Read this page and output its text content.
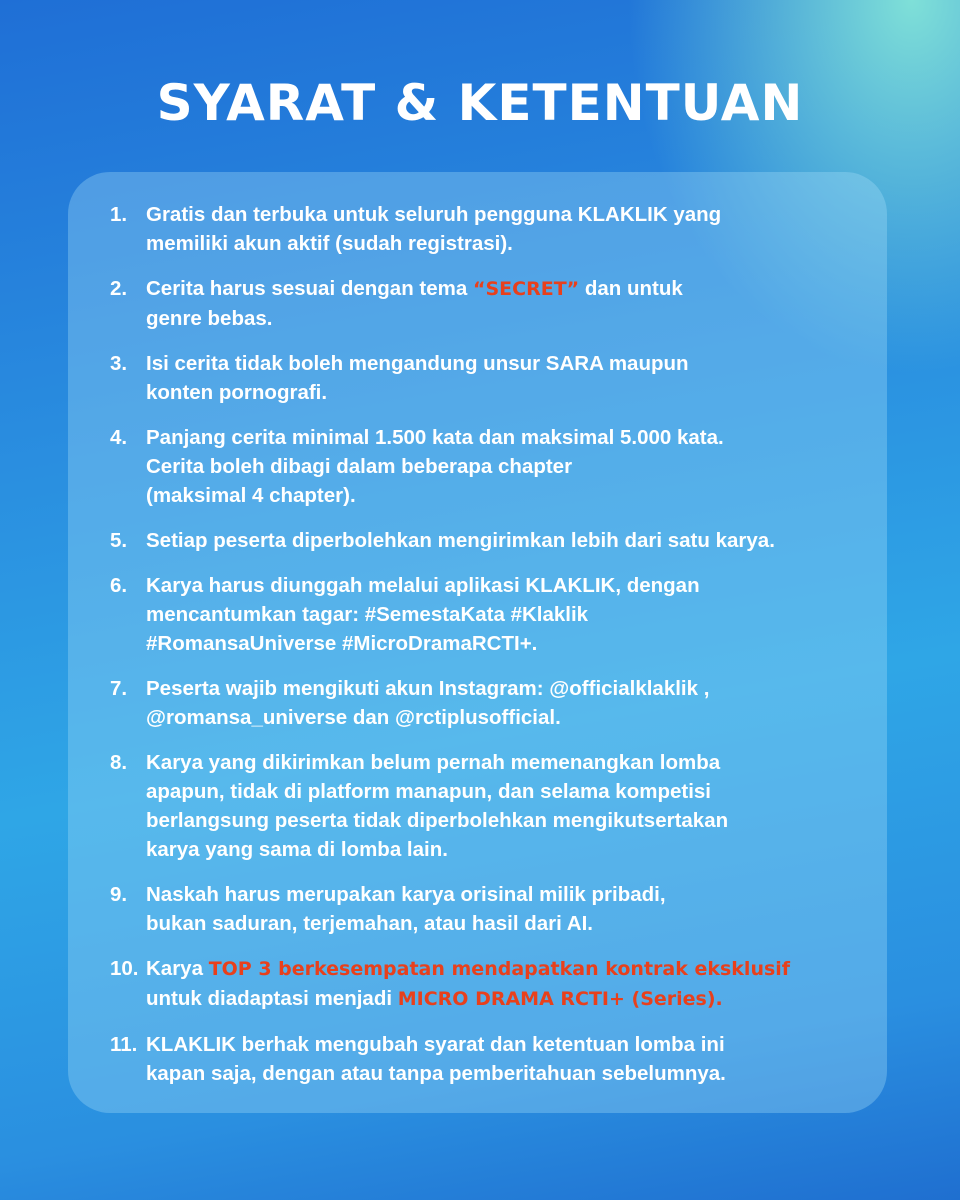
SYARAT & KETENTUAN
1. Gratis dan terbuka untuk seluruh pengguna KLAKLIK yang
memiliki akun aktif (sudah registrasi).
2. Cerita harus sesuai dengan tema “SECRET” dan untuk
genre bebas.
3. Isi cerita tidak boleh mengandung unsur SARA maupun
konten pornografi.
4. Panjang cerita minimal 1.500 kata dan maksimal 5.000 kata.
Cerita boleh dibagi dalam beberapa chapter
(maksimal 4 chapter).
5. Setiap peserta diperbolehkan mengirimkan lebih dari satu karya.
6. Karya harus diunggah melalui aplikasi KLAKLIK, dengan
mencantumkan tagar: #SemestaKata #Klaklik
#RomansaUniverse #MicroDramaRCTI+.
7. Peserta wajib mengikuti akun Instagram: @officialklaklik ,
@romansa_universe dan @rctiplusofficial.
8. Karya yang dikirimkan belum pernah memenangkan lomba
apapun, tidak di platform manapun, dan selama kompetisi
berlangsung peserta tidak diperbolehkan mengikutsertakan
karya yang sama di lomba lain.
9. Naskah harus merupakan karya orisinal milik pribadi,
bukan saduran, terjemahan, atau hasil dari AI.
10. Karya TOP 3 berkesempatan mendapatkan kontrak eksklusif
untuk diadaptasi menjadi MICRO DRAMA RCTI+ (Series).
11. KLAKLIK berhak mengubah syarat dan ketentuan lomba ini
kapan saja, dengan atau tanpa pemberitahuan sebelumnya.
